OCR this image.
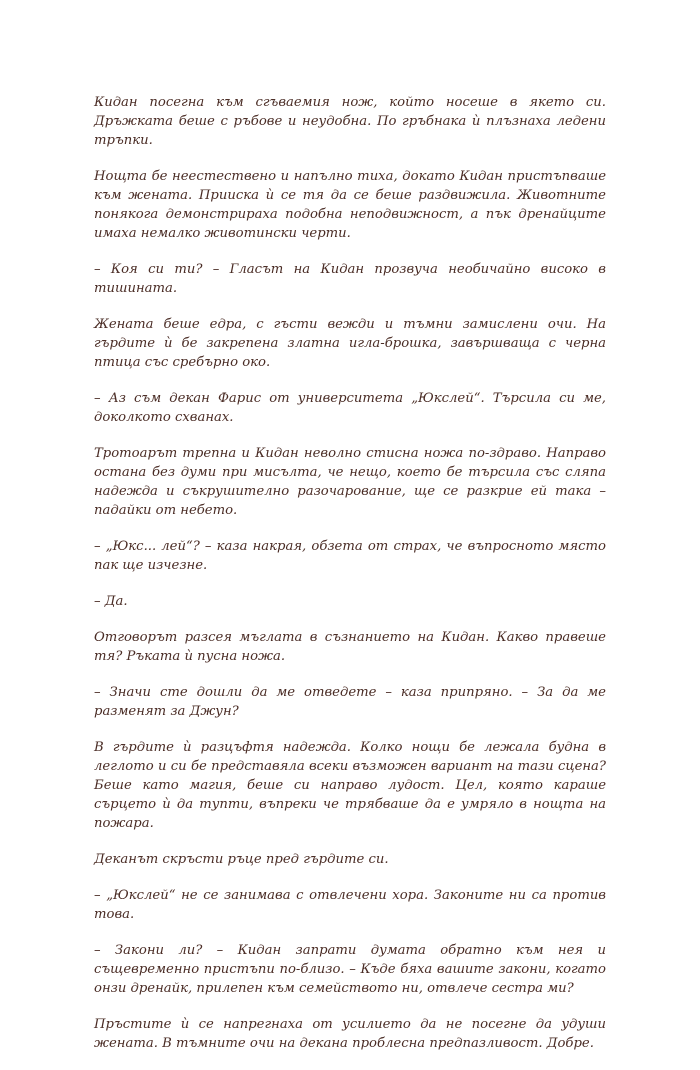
Кидан посегна към сгъваемия нож, който носеше в якето си. Дръжката беше с ръбове и неудобна. По гръбнака ѝ плъзнаха ледени тръпки.

Нощта бе неестествено и напълно тиха, докато Кидан пристъпваше към жената. Прииска ѝ се тя да се беше раздвижила. Животните понякога демонстрираха подобна неподвижност, а пък дренайците имаха немалко животински черти.

– Коя си ти? – Гласът на Кидан прозвуча необичайно високо в тишината.

Жената беше едра, с гъсти вежди и тъмни замислени очи. На гърдите ѝ бе закрепена златна игла-брошка, завършваща с черна птица със сребърно око.

– Аз съм декан Фарис от университета „Юкслей“. Търсила си ме, доколкото схванах.

Тротоарът трепна и Кидан неволно стисна ножа по-здраво. Направо остана без думи при мисълта, че нещо, което бе търсила със сляпа надежда и съкрушително разочарование, ще се разкрие ей така – падайки от небето.

– „Юкс... лей“? – каза накрая, обзета от страх, че въпросното място пак ще изчезне.

– Да.

Отговорът разсея мъглата в съзнанието на Кидан. Какво правеше тя? Ръката ѝ пусна ножа.

– Значи сте дошли да ме отведете – каза припряно. – За да ме разменят за Джун?

В гърдите ѝ разцъфтя надежда. Колко нощи бе лежала будна в леглото и си бе представяла всеки възможен вариант на тази сцена? Беше като магия, беше си направо лудост. Цел, която караше сърцето ѝ да тупти, въпреки че трябваше да е умряло в нощта на пожара.

Деканът скръсти ръце пред гърдите си.

– „Юкслей“ не се занимава с отвлечени хора. Законите ни са против това.

– Закони ли? – Кидан запрати думата обратно към нея и същевременно пристъпи по-близо. – Къде бяха вашите закони, когато онзи дренайк, прилепен към семейството ни, отвлече сестра ми?

Пръстите ѝ се напрегнаха от усилието да не посегне да удуши жената. В тъмните очи на декана проблесна предпазливост. Добре.
